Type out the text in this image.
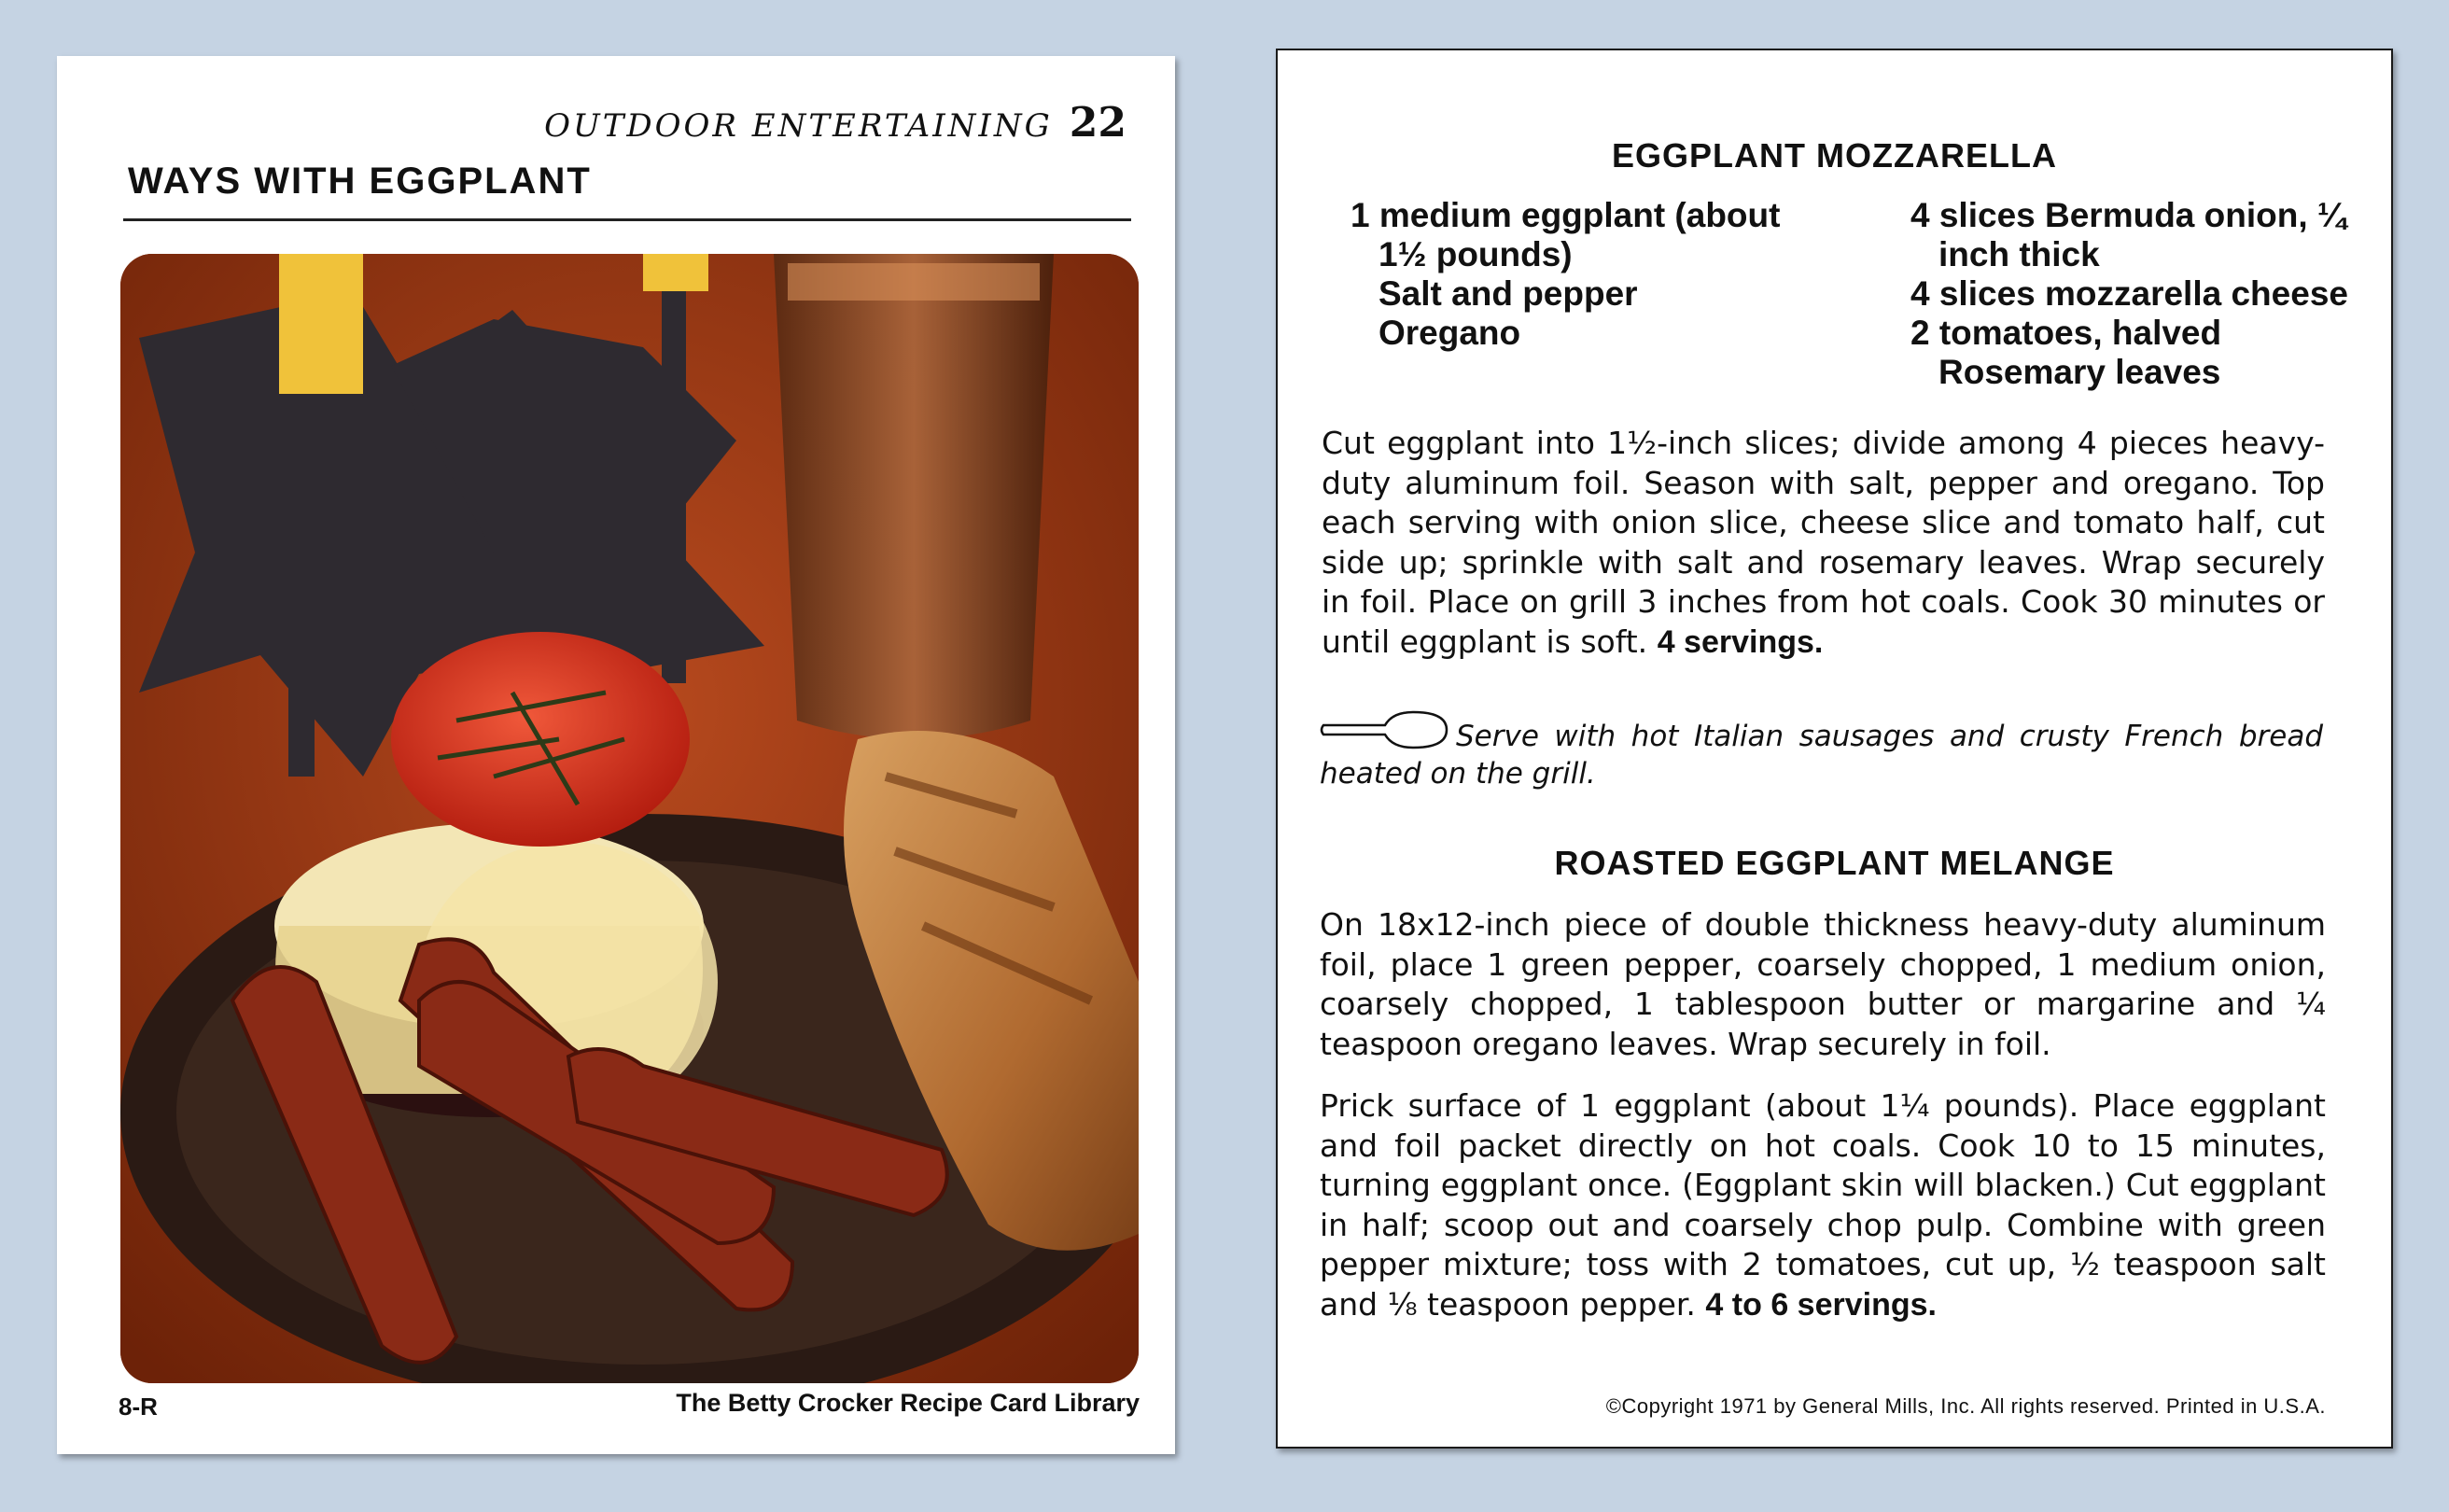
OUTDOOR ENTERTAINING 22
WAYS WITH EGGPLANT
8-R	The Betty Crocker Recipe Card Library
EGGPLANT MOZZARELLA
1 medium eggplant (about 1½ pounds)
Salt and pepper
Oregano
4 slices Bermuda onion, ¼ inch thick
4 slices mozzarella cheese
2 tomatoes, halved
Rosemary leaves

Cut eggplant into 1½-inch slices; divide among 4 pieces heavy-duty aluminum foil. Season with salt, pepper and oregano. Top each serving with onion slice, cheese slice and tomato half, cut side up; sprinkle with salt and rosemary leaves. Wrap securely in foil. Place on grill 3 inches from hot coals. Cook 30 minutes or until eggplant is soft. 4 servings.

Serve with hot Italian sausages and crusty French bread heated on the grill.

ROASTED EGGPLANT MELANGE

On 18x12-inch piece of double thickness heavy-duty aluminum foil, place 1 green pepper, coarsely chopped, 1 medium onion, coarsely chopped, 1 tablespoon butter or margarine and ¼ teaspoon oregano leaves. Wrap securely in foil.

Prick surface of 1 eggplant (about 1¼ pounds). Place eggplant and foil packet directly on hot coals. Cook 10 to 15 minutes, turning eggplant once. (Eggplant skin will blacken.) Cut eggplant in half; scoop out and coarsely chop pulp. Combine with green pepper mixture; toss with 2 tomatoes, cut up, ½ teaspoon salt and ⅛ teaspoon pepper. 4 to 6 servings.

©Copyright 1971 by General Mills, Inc. All rights reserved. Printed in U.S.A.
